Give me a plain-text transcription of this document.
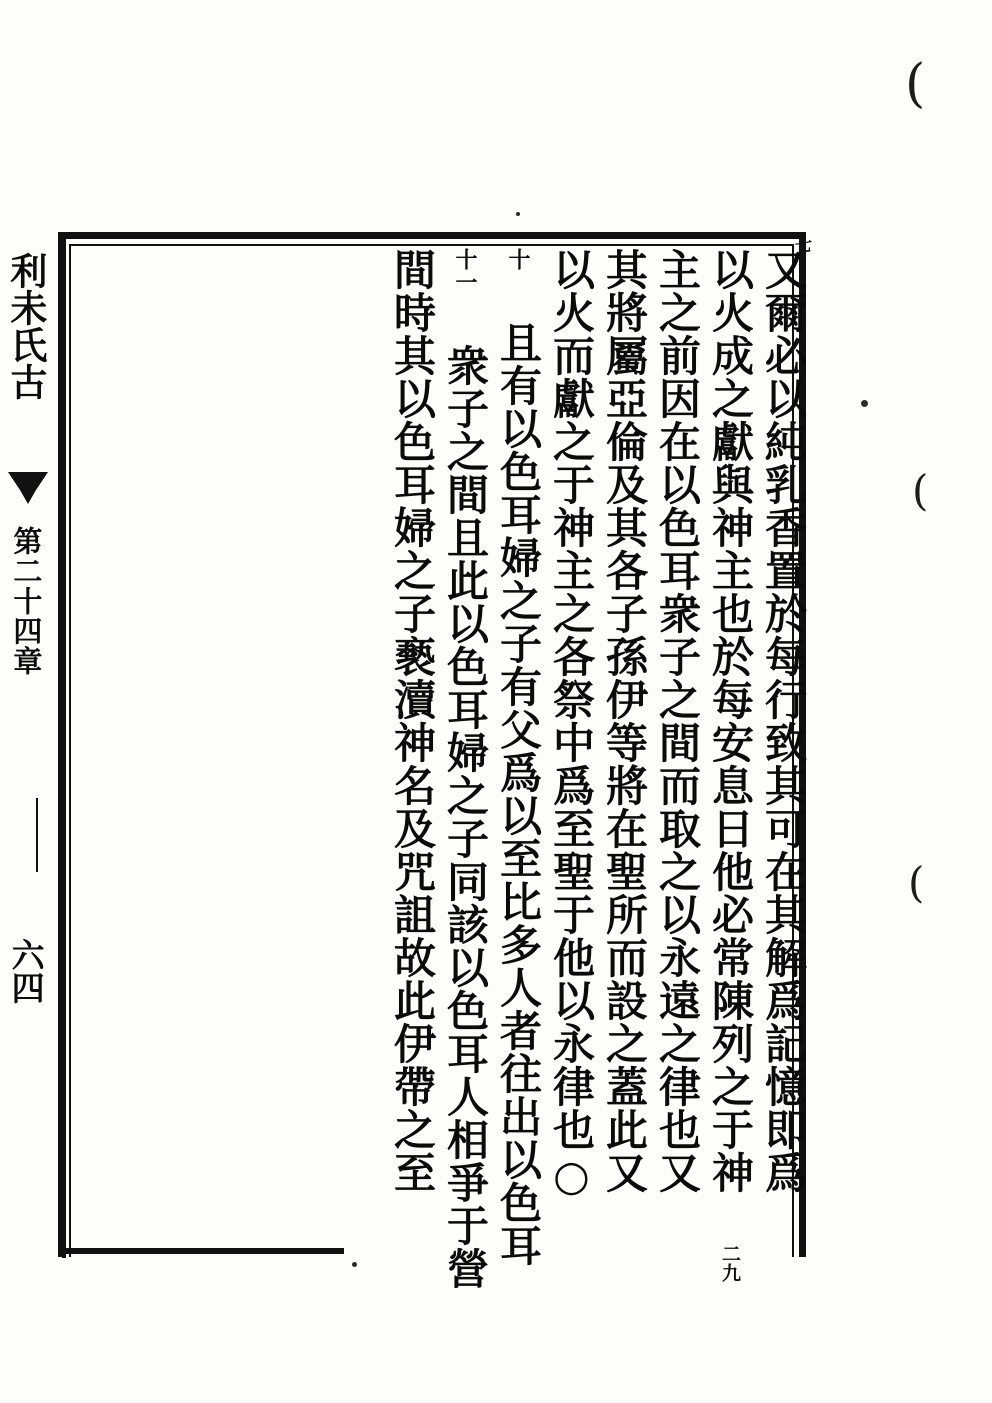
(
(
(
七
又爾必以純乳香置於每行致其可在其解爲記憶即爲
以火成之獻與神主也於每安息日他必常陳列之于神 二九
主之前因在以色耳衆子之間而取之以永遠之律也又
其將屬亞倫及其各子孫伊等將在聖所而設之蓋此又
以火而獻之于神主之各祭中爲至聖于他以永律也○
十 且有以色耳婦之子有父爲以至比多人者往出以色耳
十一 衆子之間且此以色耳婦之子同該以色耳人相爭于營
間時其以色耳婦之子褻瀆神名及咒詛故此伊帶之至
利未氏古
第二十四章
六四
